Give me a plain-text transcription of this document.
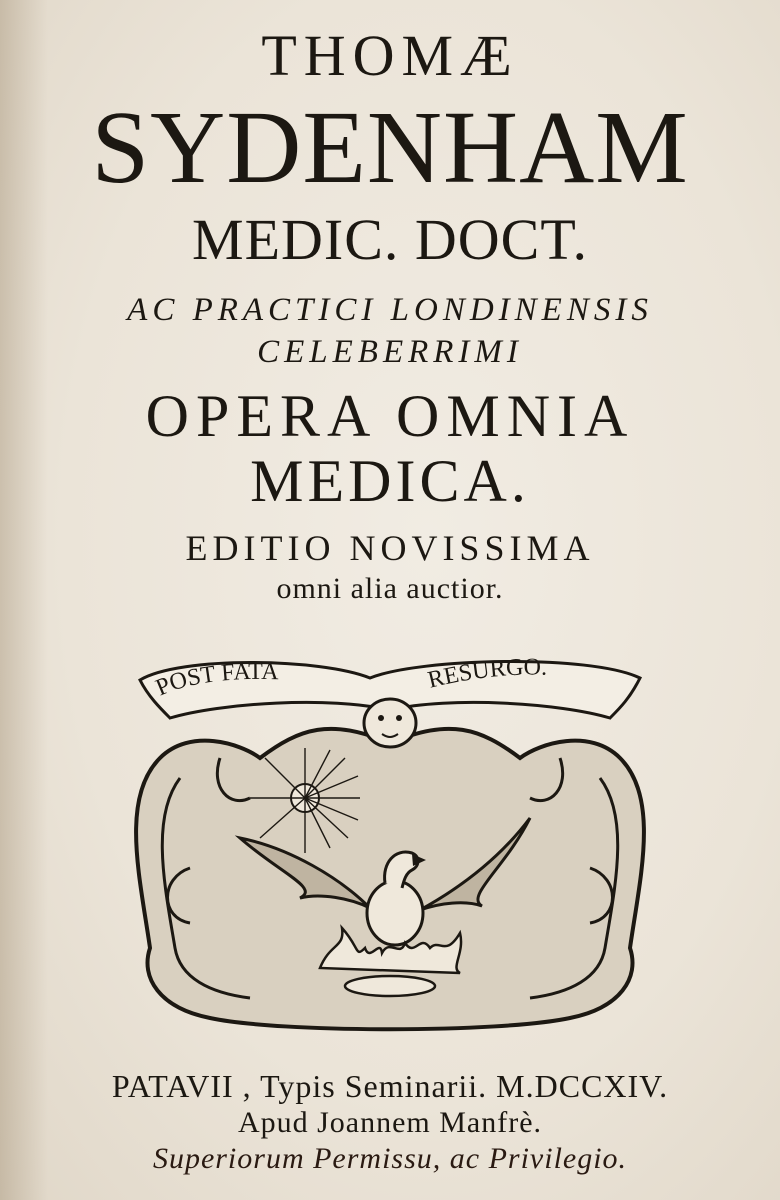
THOMÆ
SYDENHAM
MEDIC. DOCT.
AC PRACTICI LONDINENSIS
CELEBERRIMI
OPERA OMNIA
MEDICA.
EDITIO NOVISSIMA
omni alia auctior.
POST FATA	RESURGO.
PATAVII , Typis Seminarii. M.DCCXIV.
Apud Joannem Manfrè.
Superiorum Permissu, ac Privilegio.
